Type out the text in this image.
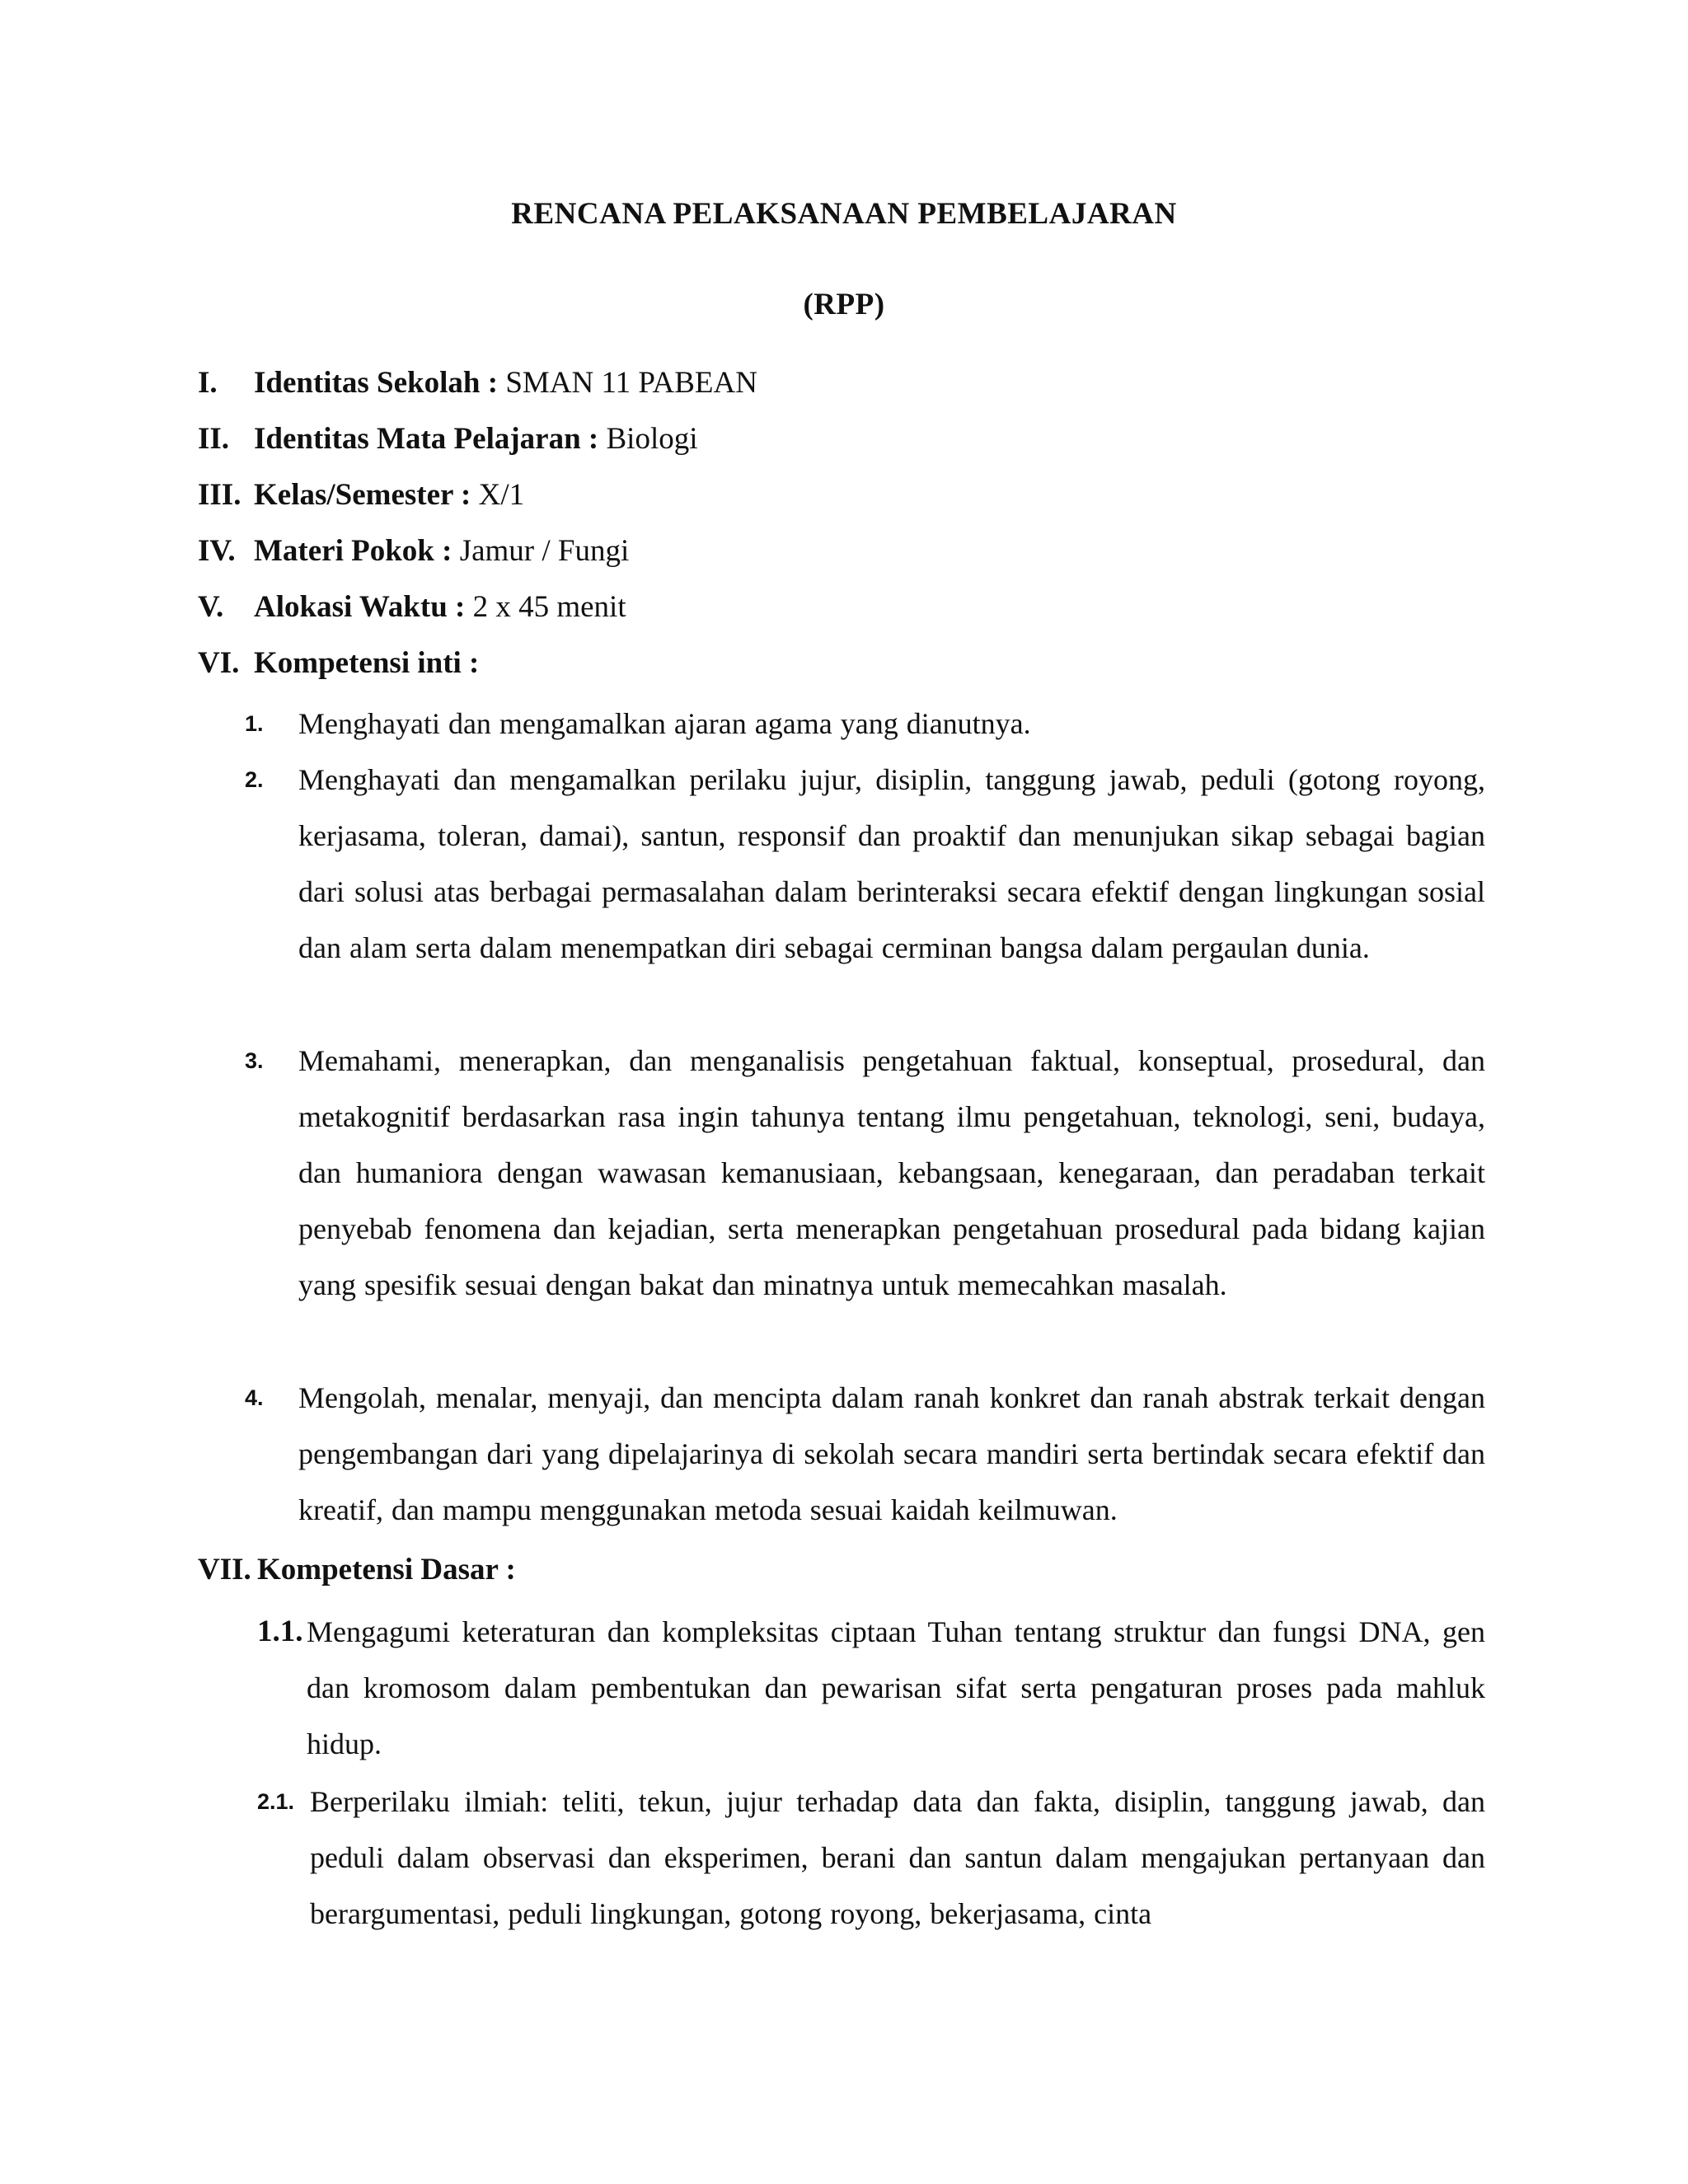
RENCANA PELAKSANAAN PEMBELAJARAN
(RPP)
I. Identitas Sekolah : SMAN 11 PABEAN
II. Identitas Mata Pelajaran : Biologi
III. Kelas/Semester : X/1
IV. Materi Pokok : Jamur / Fungi
V. Alokasi Waktu : 2 x 45 menit
VI. Kompetensi inti :
1. Menghayati dan mengamalkan ajaran agama yang dianutnya.
2. Menghayati dan mengamalkan perilaku jujur, disiplin, tanggung jawab, peduli (gotong royong, kerjasama, toleran, damai), santun, responsif dan proaktif dan menunjukan sikap sebagai bagian dari solusi atas berbagai permasalahan dalam berinteraksi secara efektif dengan lingkungan sosial dan alam serta dalam menempatkan diri sebagai cerminan bangsa dalam pergaulan dunia.
3. Memahami, menerapkan, dan menganalisis pengetahuan faktual, konseptual, prosedural, dan metakognitif berdasarkan rasa ingin tahunya tentang ilmu pengetahuan, teknologi, seni, budaya, dan humaniora dengan wawasan kemanusiaan, kebangsaan, kenegaraan, dan peradaban terkait penyebab fenomena dan kejadian, serta menerapkan pengetahuan prosedural pada bidang kajian yang spesifik sesuai dengan bakat dan minatnya untuk memecahkan masalah.
4. Mengolah, menalar, menyaji, dan mencipta dalam ranah konkret dan ranah abstrak terkait dengan pengembangan dari yang dipelajarinya di sekolah secara mandiri serta bertindak secara efektif dan kreatif, dan mampu menggunakan metoda sesuai kaidah keilmuwan.
VII. Kompetensi Dasar :
1.1. Mengagumi keteraturan dan kompleksitas ciptaan Tuhan tentang struktur dan fungsi DNA, gen dan kromosom dalam pembentukan dan pewarisan sifat serta pengaturan proses pada mahluk hidup.
2.1. Berperilaku ilmiah: teliti, tekun, jujur terhadap data dan fakta, disiplin, tanggung jawab, dan peduli dalam observasi dan eksperimen, berani dan santun dalam mengajukan pertanyaan dan berargumentasi, peduli lingkungan, gotong royong, bekerjasama, cinta
